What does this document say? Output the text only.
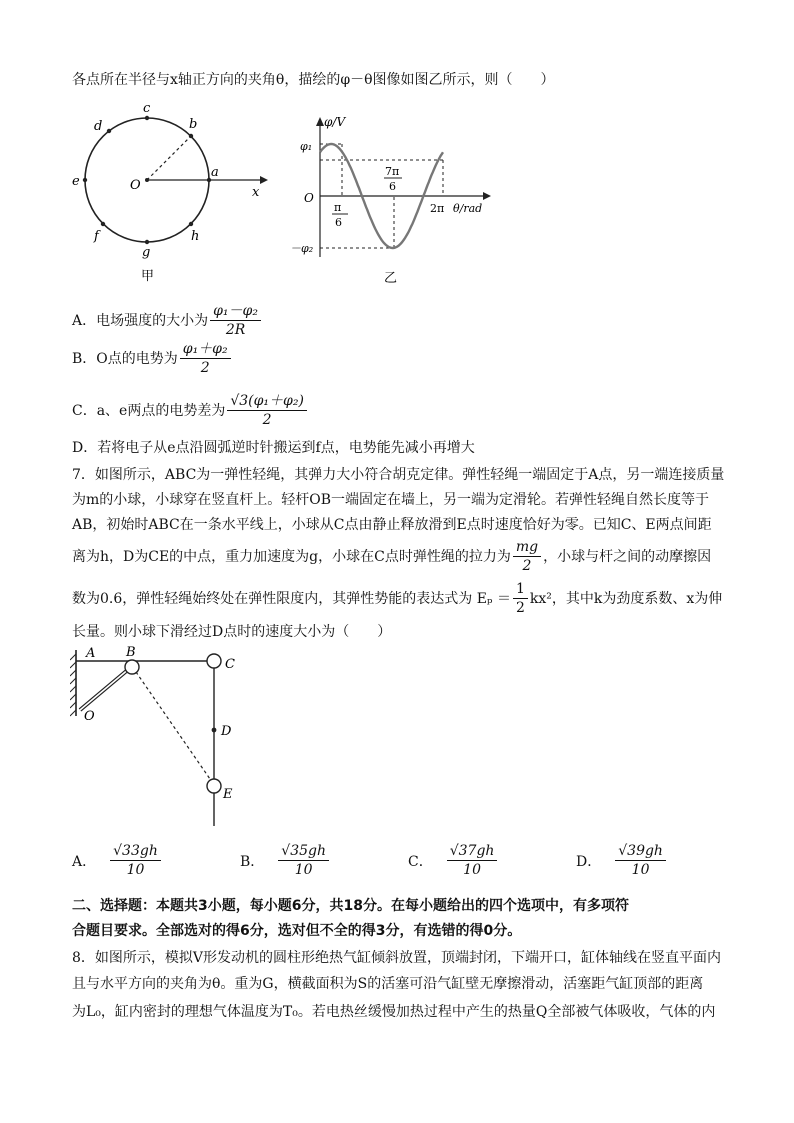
各点所在半径与x轴正方向的夹角θ，描绘的φ－θ图像如图乙所示，则（　　）
a
b
c
d
e
f
g
h
O	x
甲
φ/V
φ₁
O
－φ₂
π
6
7π
6
2π θ/rad
乙
A．电场强度的大小为 $\frac{\text{φ₁－φ₂}}{2R}$
B．O点的电势为 $\frac{\text{φ₁＋φ₂}}{2}$
C．a、e两点的电势差为 $\frac{\text{√3(φ₁＋φ₂)}}{2}$
D．若将电子从e点沿圆弧逆时针搬运到f点，电势能先减小再增大
7．如图所示，ABC为一弹性轻绳，其弹力大小符合胡克定律。弹性轻绳一端固定于A点，另一端连接质量
为m的小球，小球穿在竖直杆上。轻杆OB一端固定在墙上，另一端为定滑轮。若弹性轻绳自然长度等于
AB，初始时ABC在一条水平线上，小球从C点由静止释放滑到E点时速度恰好为零。已知C、E两点间距
离为h，D为CE的中点，重力加速度为g，小球在C点时弹性绳的拉力为 $\frac{mg}{2}$ ，小球与杆之间的动摩擦因
数为0.6，弹性轻绳始终处在弹性限度内，其弹性势能的表达式为 $E_p = \frac{1}{2} kx^2$，其中k为劲度系数、x为伸
长量。则小球下滑经过D点时的速度大小为（　　）
A B
C
D
E
O
A． $\frac{√33gh}{10}$	B． $\frac{√35gh}{10}$	C． $\frac{√37gh}{10}$	D． $\frac{√39gh}{10}$
二、选择题：本题共3小题，每小题6分，共18分。在每小题给出的四个选项中，有多项符
合题目要求。全部选对的得6分，选对但不全的得3分，有选错的得0分。
8．如图所示，模拟V形发动机的圆柱形绝热气缸倾斜放置，顶端封闭，下端开口，缸体轴线在竖直平面内
且与水平方向的夹角为θ。重为G，横截面积为S的活塞可沿气缸壁无摩擦滑动，活塞距气缸顶部的距离
为L₀，缸内密封的理想气体温度为T₀。若电热丝缓慢加热过程中产生的热量Q全部被气体吸收，气体的内
